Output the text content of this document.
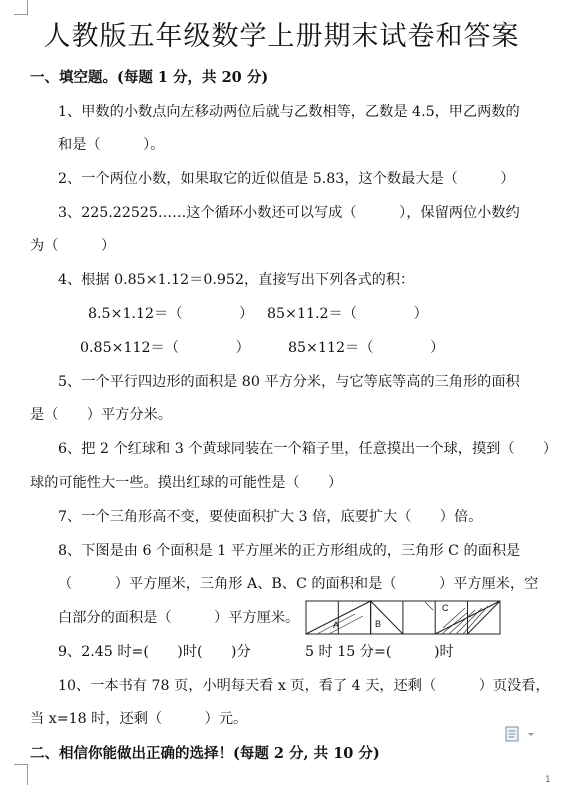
人教版五年级数学上册期末试卷和答案
一、填空题。(每题 1 分，共 20 分)
1、甲数的小数点向左移动两位后就与乙数相等，乙数是 4.5，甲乙两数的
和是（　　　）。
2、一个两位小数，如果取它的近似值是 5.83，这个数最大是（　　　）
3、225.22525……这个循环小数还可以写成（　　　），保留两位小数约
为（　　　）
4、根据 0.85×1.12＝0.952，直接写出下列各式的积：
8.5×1.12＝（　　　　） 85×11.2＝（　　　　）
0.85×112＝（　　　　）	85×112＝（　　　　）
5、一个平行四边形的面积是 80 平方分米，与它等底等高的三角形的面积
是（　　）平方分米。
6、把 2 个红球和 3 个黄球同装在一个箱子里，任意摸出一个球，摸到（　　）
球的可能性大一些。摸出红球的可能性是（　　）
7、一个三角形高不变，要使面积扩大 3 倍，底要扩大（　　）倍。
8、下图是由 6 个面积是 1 平方厘米的正方形组成的，三角形 C 的面积是
（　　　）平方厘米，三角形 A、B、C 的面积和是（　　　）平方厘米，空
白部分的面积是（　　　）平方厘米。	A	B
C
9、2.45 时=(　　)时(　　)分	5 时 15 分=(　　　)时
10、一本书有 78 页，小明每天看 x 页，看了 4 天，还剩（　　　）页没看，
当 x=18 时，还剩（　　　）元。
二、相信你能做出正确的选择！(每题 2 分, 共 10 分)
1
